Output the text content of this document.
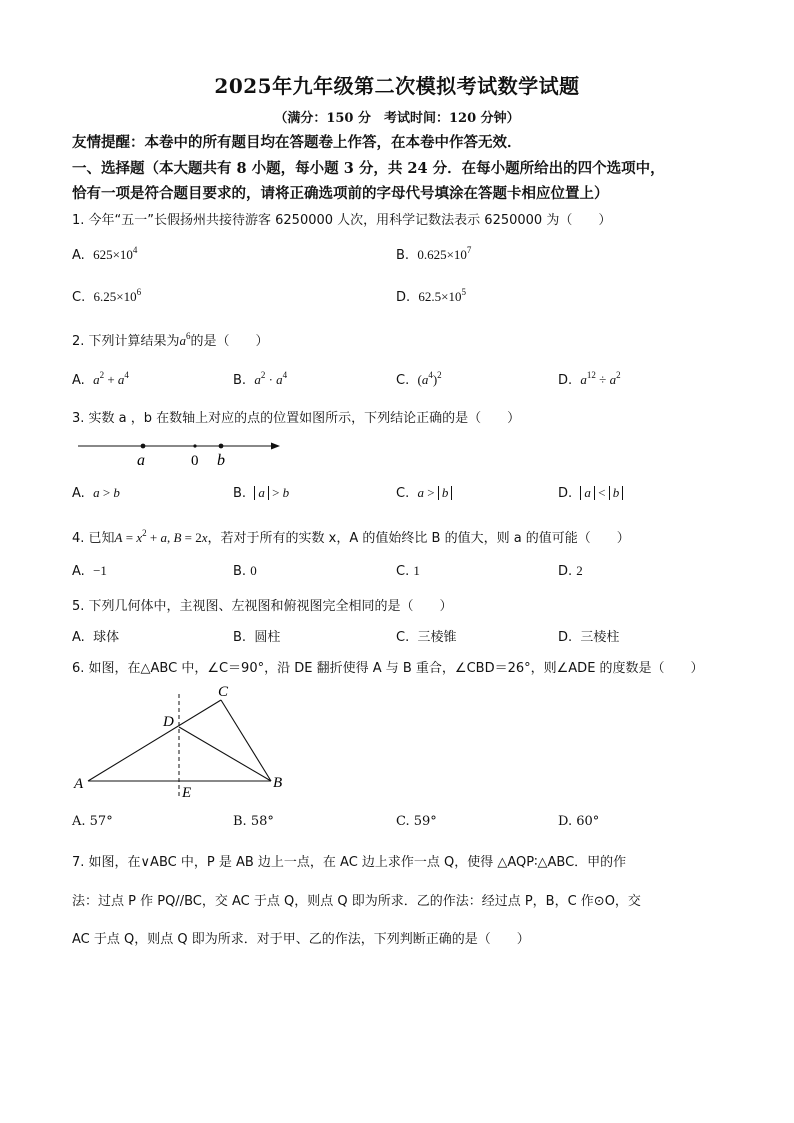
2025年九年级第二次模拟考试数学试题
（满分：150 分　考试时间：120 分钟）
友情提醒：本卷中的所有题目均在答题卷上作答，在本卷中作答无效．
一、选择题（本大题共有 8 小题，每小题 3 分，共 24 分．在每小题所给出的四个选项中，
恰有一项是符合题目要求的，请将正确选项前的字母代号填涂在答题卡相应位置上）
1. 今年“五一”长假扬州共接待游客 6250000 人次，用科学记数法表示 6250000 为（　　）
A. $625\times 10^4$	B. $0.625\times 10^7$
C. $6.25\times 10^6$	D. $62.5\times 10^5$
2. 下列计算结果为$a^6$的是（　　）
A. $a^2 + a^4$	B. $a^2 \cdot a^4$	C. $(a^4)^2$	D. $a^{12} \div a^2$
3. 实数 a ，b 在数轴上对应的点的位置如图所示，下列结论正确的是（　　）
a	0 b
A. a > b	B. a > b	C. a > b	D. a < b
4. 已知$A = x^2 + a$, B = 2x，若对于所有的实数 x，A 的值始终比 B 的值大，则 a 的值可能（　　）
A. −1	B. 0	C. 1	D. 2
5. 下列几何体中，主视图、左视图和俯视图完全相同的是（　　）
A. 球体	B. 圆柱	C. 三棱锥	D. 三棱柱
6. 如图，在△ABC 中，∠C＝90°，沿 DE 翻折使得 A 与 B 重合，∠CBD＝26°，则∠ADE 的度数是（　　）
A	B
C
D
E
A. 57°	B. 58°	C. 59°	D. 60°
7. 如图，在∨ABC 中，P 是 AB 边上一点，在 AC 边上求作一点 Q，使得 △AQP∶△ABC．甲的作
法：过点 P 作 PQ//BC，交 AC 于点 Q，则点 Q 即为所求．乙的作法：经过点 P，B，C 作⊙O，交
AC 于点 Q，则点 Q 即为所求．对于甲、乙的作法，下列判断正确的是（　　）
